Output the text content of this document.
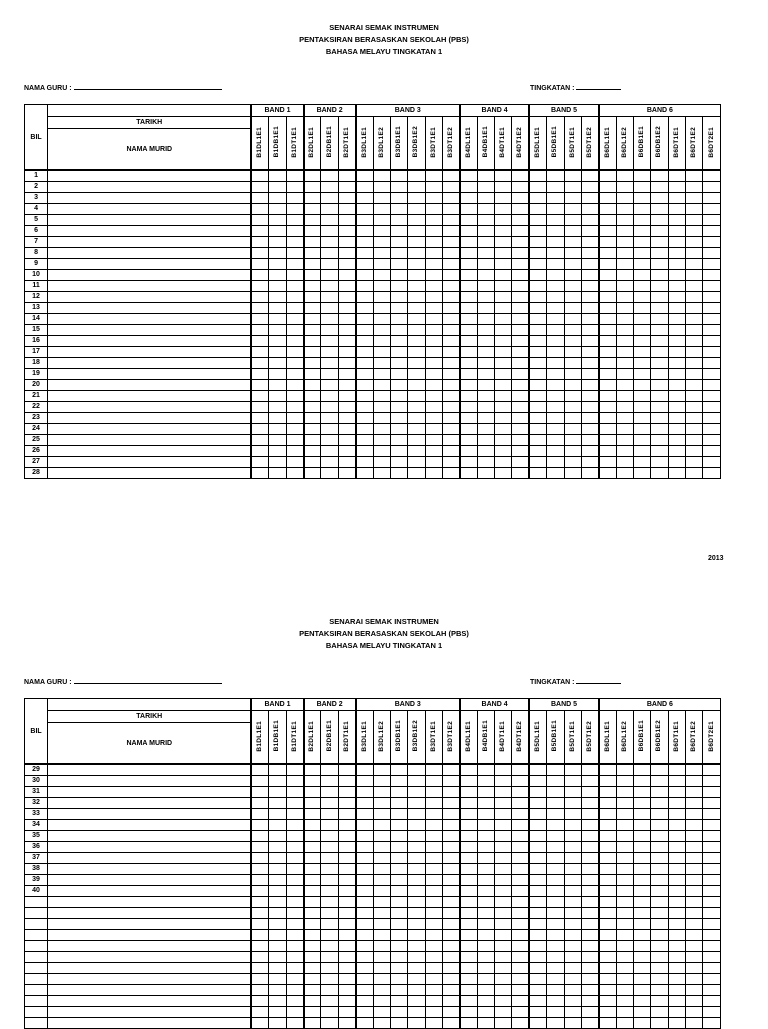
SENARAI SEMAK INSTRUMEN
PENTAKSIRAN BERASASKAN SEKOLAH (PBS)
BAHASA MELAYU TINGKATAN 1
NAMA GURU :	TINGKATAN :
BIL		BAND 1			BAND 2			BAND 3						BAND 4				BAND 5				BAND 6						
	TARIKH	B1DL1E1	B1DB1E1	B1DT1E1	B2DL1E1	B2DB1E1	B2DT1E1	B3DL1E1	B3DL1E2	B3DB1E1	B3DB1E2	B3DT1E1	B3DT1E2	B4DL1E1	B4DB1E1	B4DT1E1	B4DT1E2	B5DL1E1	B5DB1E1	B5DT1E1	B5DT1E2	B6DL1E1	B6DL1E2	B6DB1E1	B6DB1E2	B6DT1E1	B6DT1E2	B6DT2E1
	NAMA MURID																											
1																												
2																												
3																												
4																												
5																												
6																												
7																												
8																												
9																												
10																												
11																												
12																												
13																												
14																												
15																												
16																												
17																												
18																												
19																												
20																												
21																												
22																												
23																												
24																												
25																												
26																												
27																												
28																												
2013
SENARAI SEMAK INSTRUMEN
PENTAKSIRAN BERASASKAN SEKOLAH (PBS)
BAHASA MELAYU TINGKATAN 1
NAMA GURU :	TINGKATAN :
BIL		BAND 1			BAND 2			BAND 3						BAND 4				BAND 5				BAND 6						
	TARIKH	B1DL1E1	B1DB1E1	B1DT1E1	B2DL1E1	B2DB1E1	B2DT1E1	B3DL1E1	B3DL1E2	B3DB1E1	B3DB1E2	B3DT1E1	B3DT1E2	B4DL1E1	B4DB1E1	B4DT1E1	B4DT1E2	B5DL1E1	B5DB1E1	B5DT1E1	B5DT1E2	B6DL1E1	B6DL1E2	B6DB1E1	B6DB1E2	B6DT1E1	B6DT1E2	B6DT2E1
	NAMA MURID																											
29																												
30																												
31																												
32																												
33																												
34																												
35																												
36																												
37																												
38																												
39																												
40																												
